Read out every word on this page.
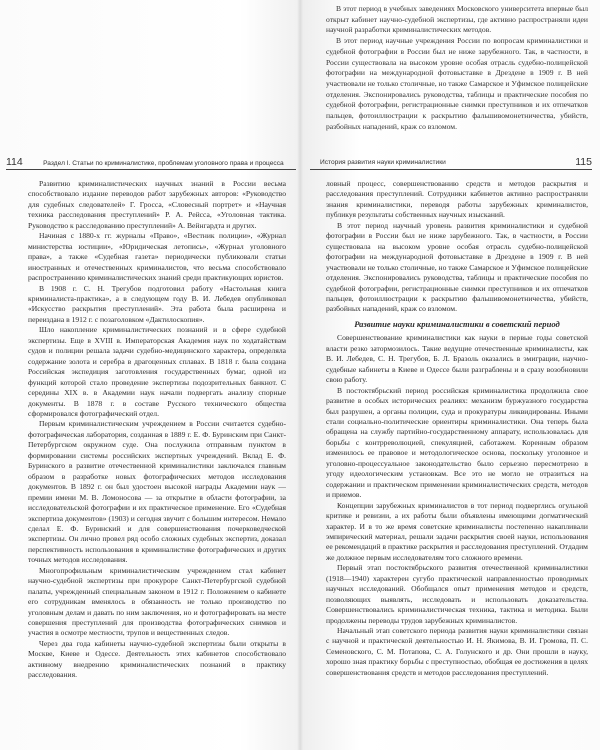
В этот период в учебных заведениях Московского университета впервые был открыт кабинет научно-судебной экспертизы, где активно распространяли идеи научной разработки криминалистических методов.

В этот период научные учреждения России по вопросам криминалистики и судебной фотографии в России был не ниже зарубежного. Так, в частности, в России существовала на высоком уровне особая отрасль судебно-полицейской фотографии на международной фотовыставке в Дрездене в 1909 г. В ней участвовали не только столичные, но также Самарское и Уфимское полицейские отделения. Экспонировались руководства, таблицы и практические пособия по судебной фотографии, регистрационные снимки преступников и их отпечатков пальцев, фотоиллюстрации к раскрытию фальшивомонетничества, убийств, разбойных нападений, краж со взломом.

114	Раздел I. Статьи по криминалистике, проблемам уголовного права и процесса	История развития науки криминалистики	115

Развитию криминалистических научных знаний в России весьма способствовало издание переводов работ зарубежных авторов: «Руководство для судебных следователей» Г. Гросса, «Словесный портрет» и «Научная техника расследования преступлений» Р. А. Рейсса, «Уголовная тактика. Руководство к расследованию преступлений» А. Вейнгардта и других.

Начиная с 1880-х гг. журналы «Право», «Вестник полиции», «Журнал министерства юстиции», «Юридическая летопись», «Журнал уголовного права», а также «Судебная газета» периодически публиковали статьи иностранных и отечественных криминалистов, что весьма способствовало распространению криминалистических знаний среди практикующих юристов.

В 1908 г. С. Н. Трегубов подготовил работу «Настольная книга криминалиста-практика», а в следующем году В. И. Лебедев опубликовал «Искусство раскрытия преступлений». Эта работа была расширена и переиздана в 1912 г. с позаголовком «Дактилоскопия».

Шло накопление криминалистических познаний и в сфере судебной экспертизы. Еще в XVIII в. Императорская Академия наук по ходатайствам судов и полиции решала задачи судебно-медицинского характера, определяла содержание золота и серебра в драгоценных сплавах. В 1818 г. была создана Российская экспедиция заготовления государственных бумаг, одной из функций которой стало проведение экспертизы подозрительных банкнот. С середины XIX в. в Академии наук начали подвергать анализу спорные документы. В 1878 г. в составе Русского технического общества сформировался фотографический отдел.

Первым криминалистическим учреждением в России считается судебно-фотографическая лаборатория, созданная в 1889 г. Е. Ф. Буринским при Санкт-Петербургском окружном суде. Она послужила отправным пунктом в формировании системы российских экспертных учреждений. Вклад Е. Ф. Буринского в развитие отечественной криминалистики заключался главным образом в разработке новых фотографических методов исследования документов. В 1892 г. он был удостоен высокой награды Академии наук — премии имени М. В. Ломоносова — за открытие в области фотографии, за исследовательской фотографии и их практическое применение. Его «Судебная экспертиза документов» (1903) и сегодня звучит с большим интересом. Немало сделал Е. Ф. Буринский и для совершенствования почерковедческой экспертизы. Он лично провел ряд особо сложных судебных экспертиз, доказал перспективность использования в криминалистике фотографических и других точных методов исследования.

Многопрофильным криминалистическим учреждением стал кабинет научно-судебной экспертизы при прокуроре Санкт-Петербургской судебной палаты, учрежденный специальным законом в 1912 г. Положением о кабинете его сотрудникам вменялось в обязанность не только производство по уголовным делам и давать по ним заключения, но и фотографировать на месте совершения преступлений для производства фотографических снимков и участия в осмотре местности, трупов и вещественных следов.

Через два года кабинеты научно-судебной экспертизы были открыты в Москве, Киеве и Одессе. Деятельность этих кабинетов способствовало активному внедрению криминалистических познаний в практику расследования.

ловный процесс, совершенствованию средств и методов раскрытия и расследования преступлений. Сотрудники кабинетов активно распространяли знания криминалистики, переводя работы зарубежных криминалистов, публикуя результаты собственных научных изысканий.

В этот период научный уровень развития криминалистики и судебной фотографии в России был не ниже зарубежного. Так, в частности, в России существовала на высоком уровне особая отрасль судебно-полицейской фотографии на международной фотовыставке в Дрездене в 1909 г. В ней участвовали не только столичные, но также Самарское и Уфимское полицейские отделения. Экспонировались руководства, таблицы и практические пособия по судебной фотографии, регистрационные снимки преступников и их отпечатков пальцев, фотоиллюстрации к раскрытию фальшивомонетничества, убийств, разбойных нападений, краж со взломом.

Развитие науки криминалистики в советский период

Совершенствование криминалистики как науки в первые годы советской власти резко затормозилось. Такие ведущие отечественные криминалисты, как В. И. Лебедев, С. Н. Трегубов, Б. Л. Бразоль оказались в эмиграции, научно-судебные кабинеты в Киеве и Одессе были разграблены и в сразу возобновили свою работу.

В постоктябрьский период российская криминалистика продолжила свое развитие в особых исторических реалиях: механизм буржуазного государства был разрушен, а органы полиции, суда и прокуратуры ликвидированы. Иными стали социально-политические ориентиры криминалистики. Она теперь была обращена на службу партийно-государственному аппарату, использовалась для борьбы с контрреволюцией, спекуляцией, саботажем. Коренным образом изменилось ее правовое и методологическое основа, поскольку уголовное и уголовно-процессуальное законодательство было серьезно пересмотрено в угоду идеологическим установкам. Все это не могло не отразиться на содержании и практическом применении криминалистических средств, методов и приемов.

Концепции зарубежных криминалистов в тот период подверглись огульной критике и ревизии, а их работы были объявлены имеющими догматический характер. И в то же время советские криминалисты постепенно накапливали эмпирический материал, решали задачи раскрытия своей науки, использования ее рекомендаций в практике раскрытия и расследования преступлений. Отдадим же должное первым исследователям того сложного времени.

Первый этап постоктябрьского развития отечественной криминалистики (1918—1940) характерен сугубо практической направленностью проводимых научных исследований. Обобщался опыт применения методов и средств, позволяющих выявлять, исследовать и использовать доказательства. Совершенствовались криминалистическая техника, тактика и методика. Были продолжены переводы трудов зарубежных криминалистов.

Начальный этап советского периода развития науки криминалистики связан с научной и практической деятельностью И. Н. Якимова, В. И. Громова, П. С. Семеновского, С. М. Потапова, С. А. Голунского и др. Они прошли в науку, хорошо зная практику борьбы с преступностью, обобщая ее достижения в целях совершенствования средств и методов расследования преступлений.
